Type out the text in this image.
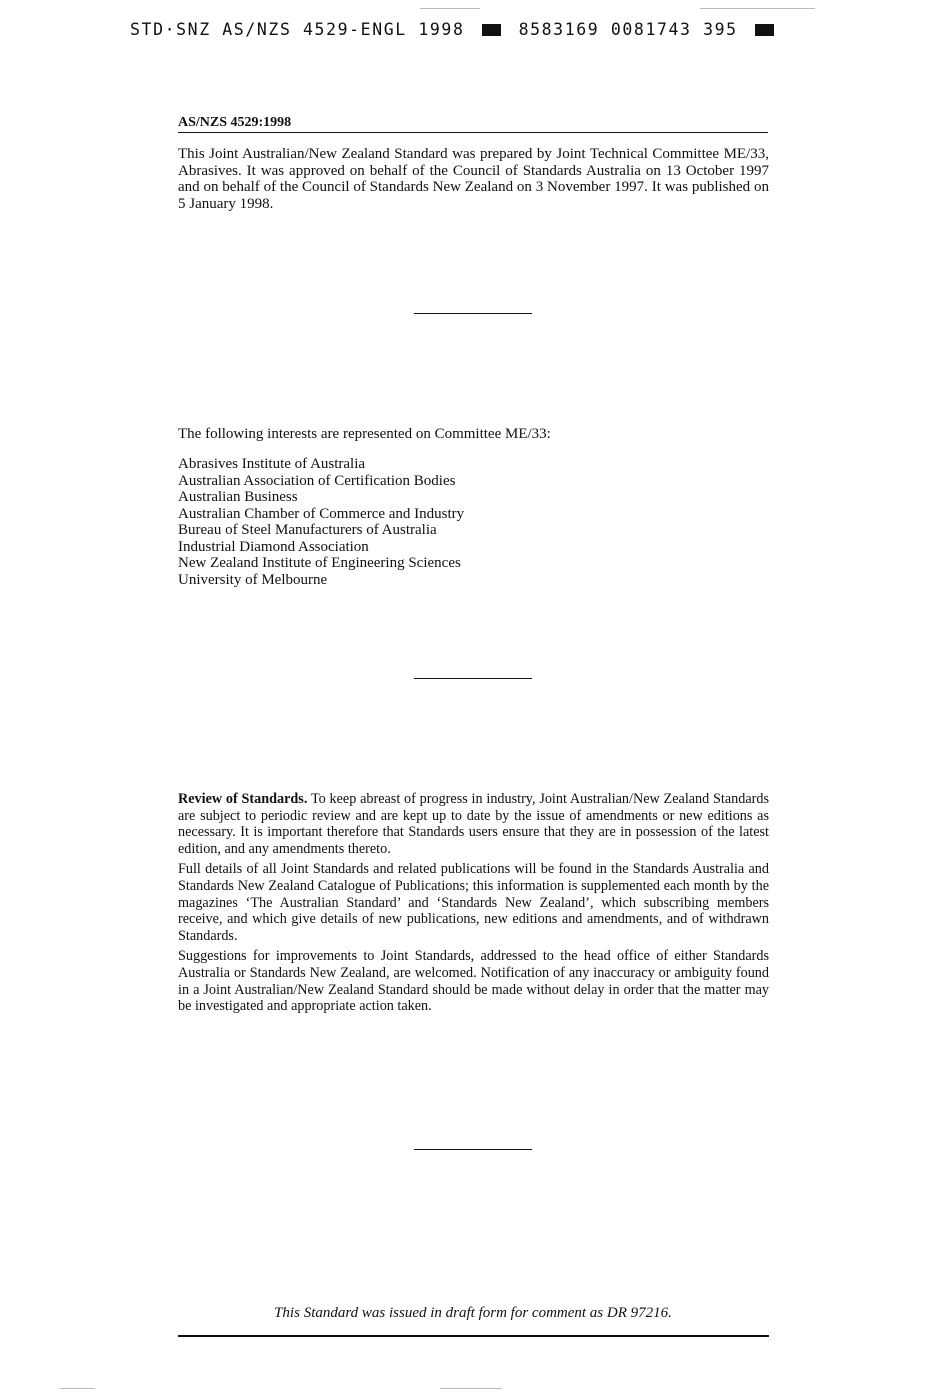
STD·SNZ AS/NZS 4529-ENGL 1998	8583169 0081743 395
AS/NZS 4529:1998

This Joint Australian/New Zealand Standard was prepared by Joint Technical Committee ME/33, Abrasives. It was approved on behalf of the Council of Standards Australia on 13 October 1997 and on behalf of the Council of Standards New Zealand on 3 November 1997. It was published on 5 January 1998.

The following interests are represented on Committee ME/33:

Abrasives Institute of Australia
Australian Association of Certification Bodies
Australian Business
Australian Chamber of Commerce and Industry
Bureau of Steel Manufacturers of Australia
Industrial Diamond Association
New Zealand Institute of Engineering Sciences
University of Melbourne

Review of Standards. To keep abreast of progress in industry, Joint Australian/New Zealand Standards are subject to periodic review and are kept up to date by the issue of amendments or new editions as necessary. It is important therefore that Standards users ensure that they are in possession of the latest edition, and any amendments thereto.

Full details of all Joint Standards and related publications will be found in the Standards Australia and Standards New Zealand Catalogue of Publications; this information is supplemented each month by the magazines ‘The Australian Standard’ and ‘Standards New Zealand’, which subscribing members receive, and which give details of new publications, new editions and amendments, and of withdrawn Standards.

Suggestions for improvements to Joint Standards, addressed to the head office of either Standards Australia or Standards New Zealand, are welcomed. Notification of any inaccuracy or ambiguity found in a Joint Australian/New Zealand Standard should be made without delay in order that the matter may be investigated and appropriate action taken.

This Standard was issued in draft form for comment as DR 97216.
